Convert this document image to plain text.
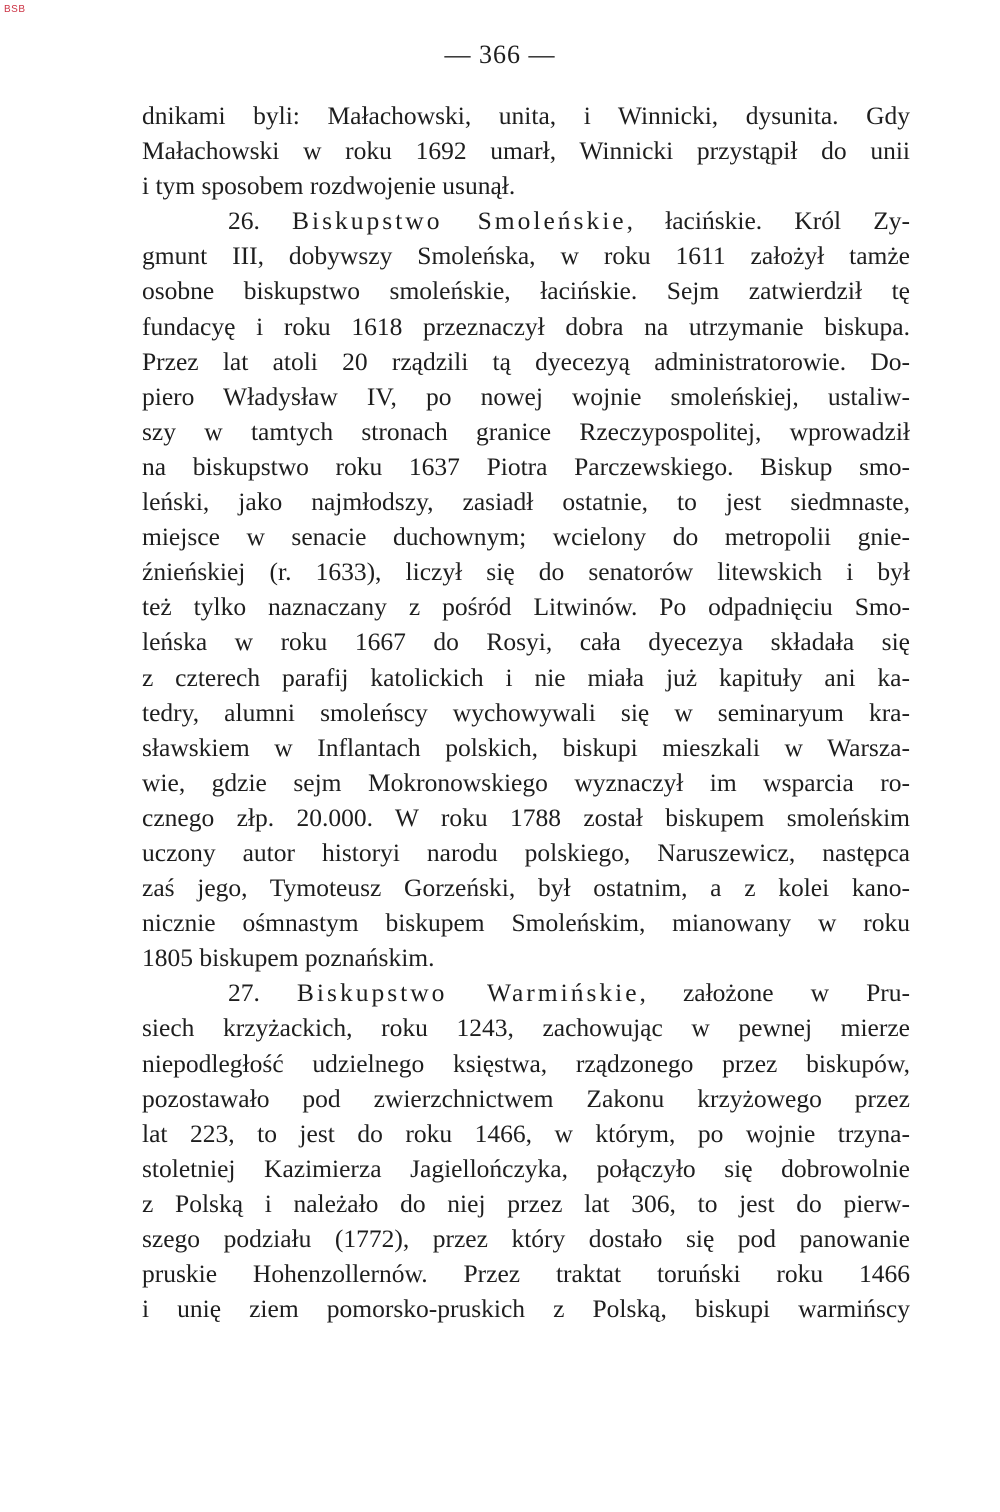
BSB
— 366 —
dnikami byli: Małachowski, unita, i Winnicki, dysunita. Gdy
Małachowski w roku 1692 umarł, Winnicki przystąpił do unii
i tym sposobem rozdwojenie usunął.
26. Biskupstwo Smoleńskie, łacińskie. Król Zy-
gmunt III, dobywszy Smoleńska, w roku 1611 założył tamże
osobne biskupstwo smoleńskie, łacińskie. Sejm zatwierdził tę
fundacyę i roku 1618 przeznaczył dobra na utrzymanie biskupa.
Przez lat atoli 20 rządzili tą dyecezyą administratorowie. Do-
piero Władysław IV, po nowej wojnie smoleńskiej, ustaliw-
szy w tamtych stronach granice Rzeczypospolitej, wprowadził
na biskupstwo roku 1637 Piotra Parczewskiego. Biskup smo-
leński, jako najmłodszy, zasiadł ostatnie, to jest siedmnaste,
miejsce w senacie duchownym; wcielony do metropolii gnie-
źnieńskiej (r. 1633), liczył się do senatorów litewskich i był
też tylko naznaczany z pośród Litwinów. Po odpadnięciu Smo-
leńska w roku 1667 do Rosyi, cała dyecezya składała się
z czterech parafij katolickich i nie miała już kapituły ani ka-
tedry, alumni smoleńscy wychowywali się w seminaryum kra-
sławskiem w Inflantach polskich, biskupi mieszkali w Warsza-
wie, gdzie sejm Mokronowskiego wyznaczył im wsparcia ro-
cznego złp. 20.000. W roku 1788 został biskupem smoleńskim
uczony autor historyi narodu polskiego, Naruszewicz, następca
zaś jego, Tymoteusz Gorzeński, był ostatnim, a z kolei kano-
nicznie ośmnastym biskupem Smoleńskim, mianowany w roku
1805 biskupem poznańskim.
27. Biskupstwo Warmińskie, założone w Pru-
siech krzyżackich, roku 1243, zachowując w pewnej mierze
niepodległość udzielnego księstwa, rządzonego przez biskupów,
pozostawało pod zwierzchnictwem Zakonu krzyżowego przez
lat 223, to jest do roku 1466, w którym, po wojnie trzyna-
stoletniej Kazimierza Jagiellończyka, połączyło się dobrowolnie
z Polską i należało do niej przez lat 306, to jest do pierw-
szego podziału (1772), przez który dostało się pod panowanie
pruskie Hohenzollernów. Przez traktat toruński roku 1466
i unię ziem pomorsko-pruskich z Polską, biskupi warmińscy
